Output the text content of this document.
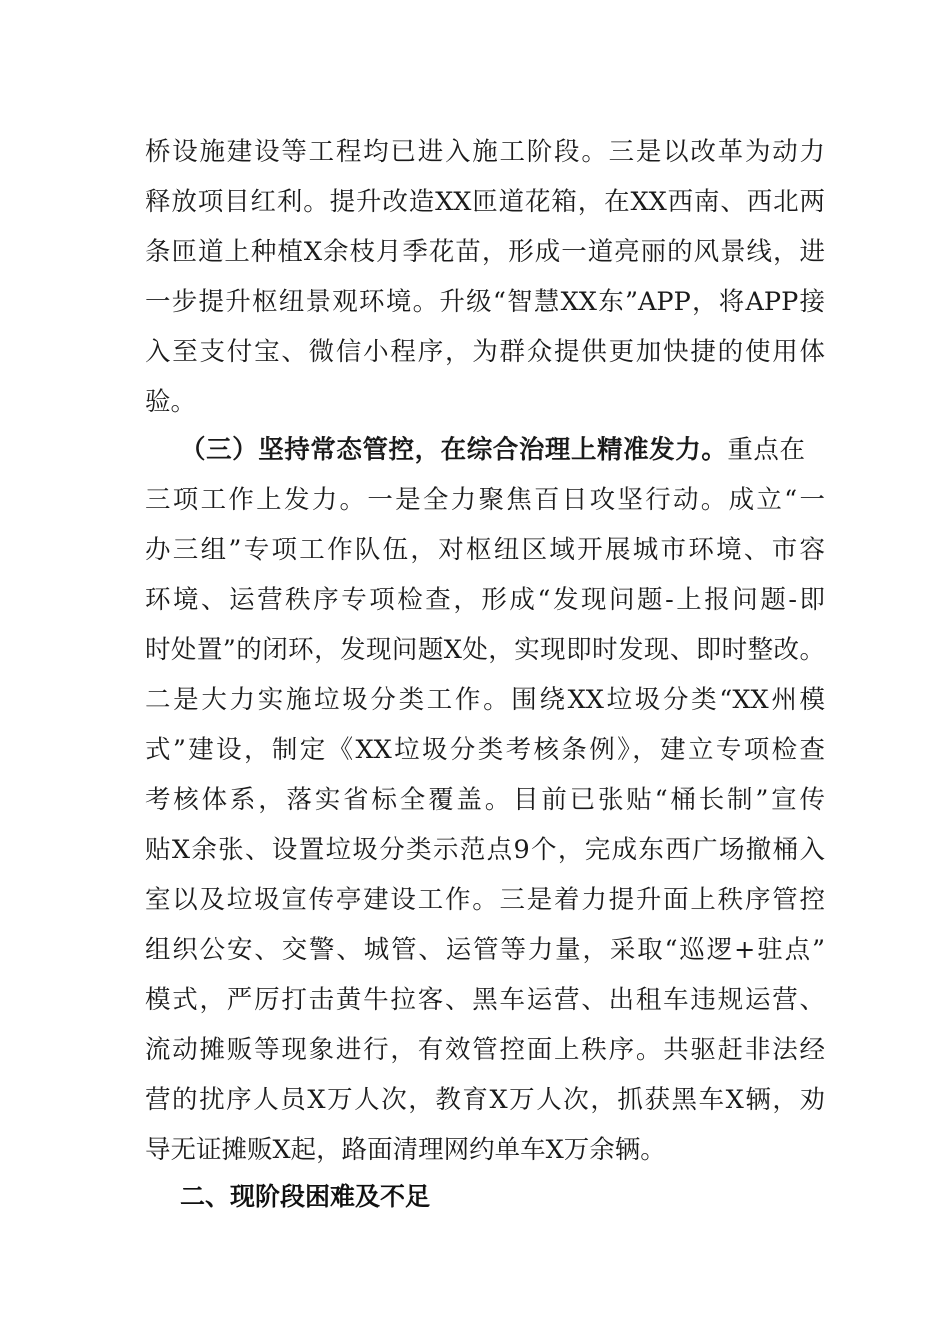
桥设施建设等工程均已进入施工阶段。三是以改革为动力
释放项目红利。提升改造XX匝道花箱，在XX西南、西北两
条匝道上种植X余枝月季花苗，形成一道亮丽的风景线，进
一步提升枢纽景观环境。升级“智慧XX东”APP，将APP接
入至支付宝、微信小程序，为群众提供更加快捷的使用体
验。
（三）坚持常态管控，在综合治理上精准发力。重点在
三项工作上发力。一是全力聚焦百日攻坚行动。成立“一
办三组”专项工作队伍，对枢纽区域开展城市环境、市容
环境、运营秩序专项检查，形成“发现问题-上报问题-即
时处置”的闭环，发现问题X处，实现即时发现、即时整改。
二是大力实施垃圾分类工作。围绕XX垃圾分类“XX州模
式”建设，制定《XX垃圾分类考核条例》，建立专项检查
考核体系，落实省标全覆盖。目前已张贴“桶长制”宣传
贴X余张、设置垃圾分类示范点9个，完成东西广场撤桶入
室以及垃圾宣传亭建设工作。三是着力提升面上秩序管控
组织公安、交警、城管、运管等力量，采取“巡逻+驻点”
模式，严厉打击黄牛拉客、黑车运营、出租车违规运营、
流动摊贩等现象进行，有效管控面上秩序。共驱赶非法经
营的扰序人员X万人次，教育X万人次，抓获黑车X辆，劝
导无证摊贩X起，路面清理网约单车X万余辆。
二、现阶段困难及不足
